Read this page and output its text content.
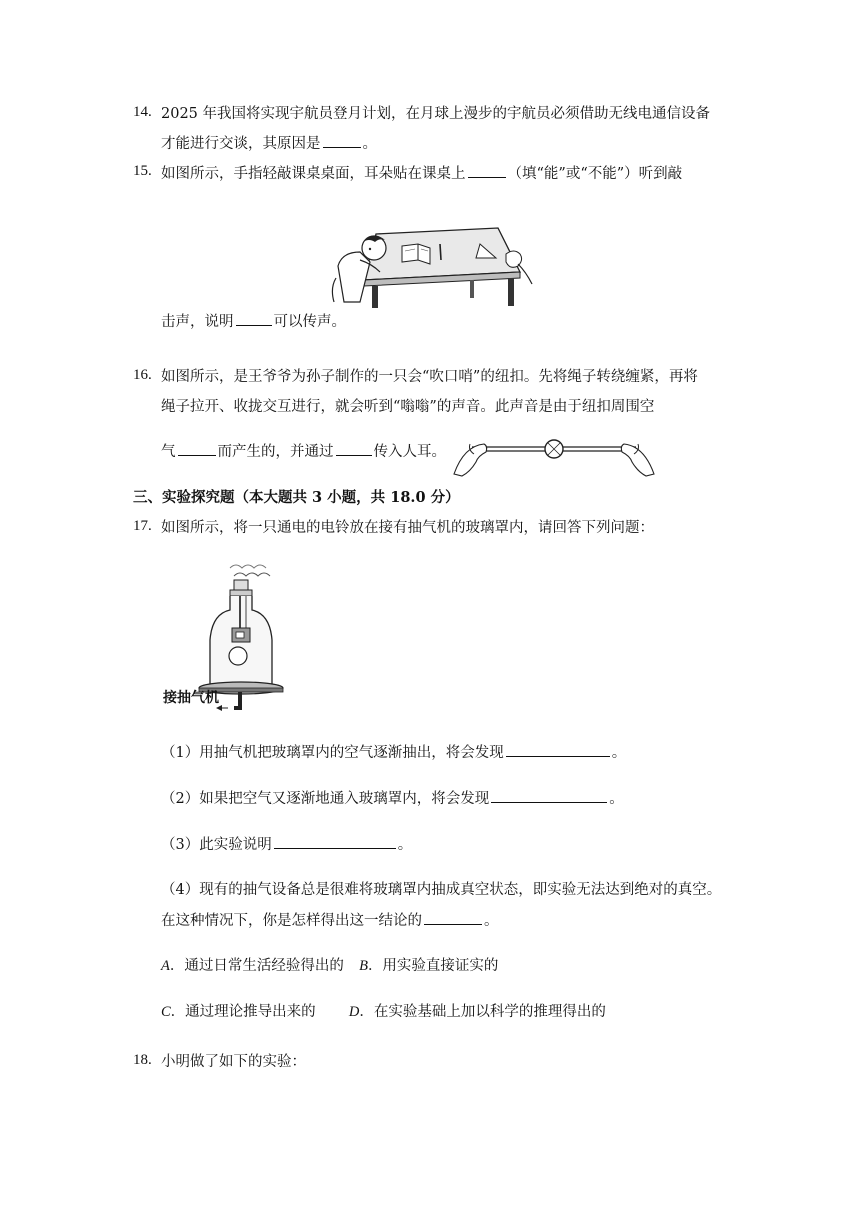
14. 2025 年我国将实现宇航员登月计划，在月球上漫步的宇航员必须借助无线电通信设备
才能进行交谈，其原因是	。
15. 如图所示，手指轻敲课桌桌面，耳朵贴在课桌上	（填“能”或“不能”）听到敲
击声，说明	可以传声。
16. 如图所示，是王爷爷为孙子制作的一只会“吹口哨”的纽扣。先将绳子转绕缠紧，再将
绳子拉开、收拢交互进行，就会听到“嗡嗡”的声音。此声音是由于纽扣周围空
气	而产生的，并通过	传入人耳。
三、实验探究题（本大题共 3 小题，共 18.0 分）
17. 如图所示，将一只通电的电铃放在接有抽气机的玻璃罩内，请回答下列问题：
接抽气机
（1）用抽气机把玻璃罩内的空气逐渐抽出，将会发现	。
（2）如果把空气又逐渐地通入玻璃罩内，将会发现	。
（3）此实验说明	。
（4）现有的抽气设备总是很难将玻璃罩内抽成真空状态，即实验无法达到绝对的真空。
在这种情况下，你是怎样得出这一结论的	。
A．通过日常生活经验得出的 B．用实验直接证实的
C．通过理论推导出来的 D．在实验基础上加以科学的推理得出的
18. 小明做了如下的实验：
